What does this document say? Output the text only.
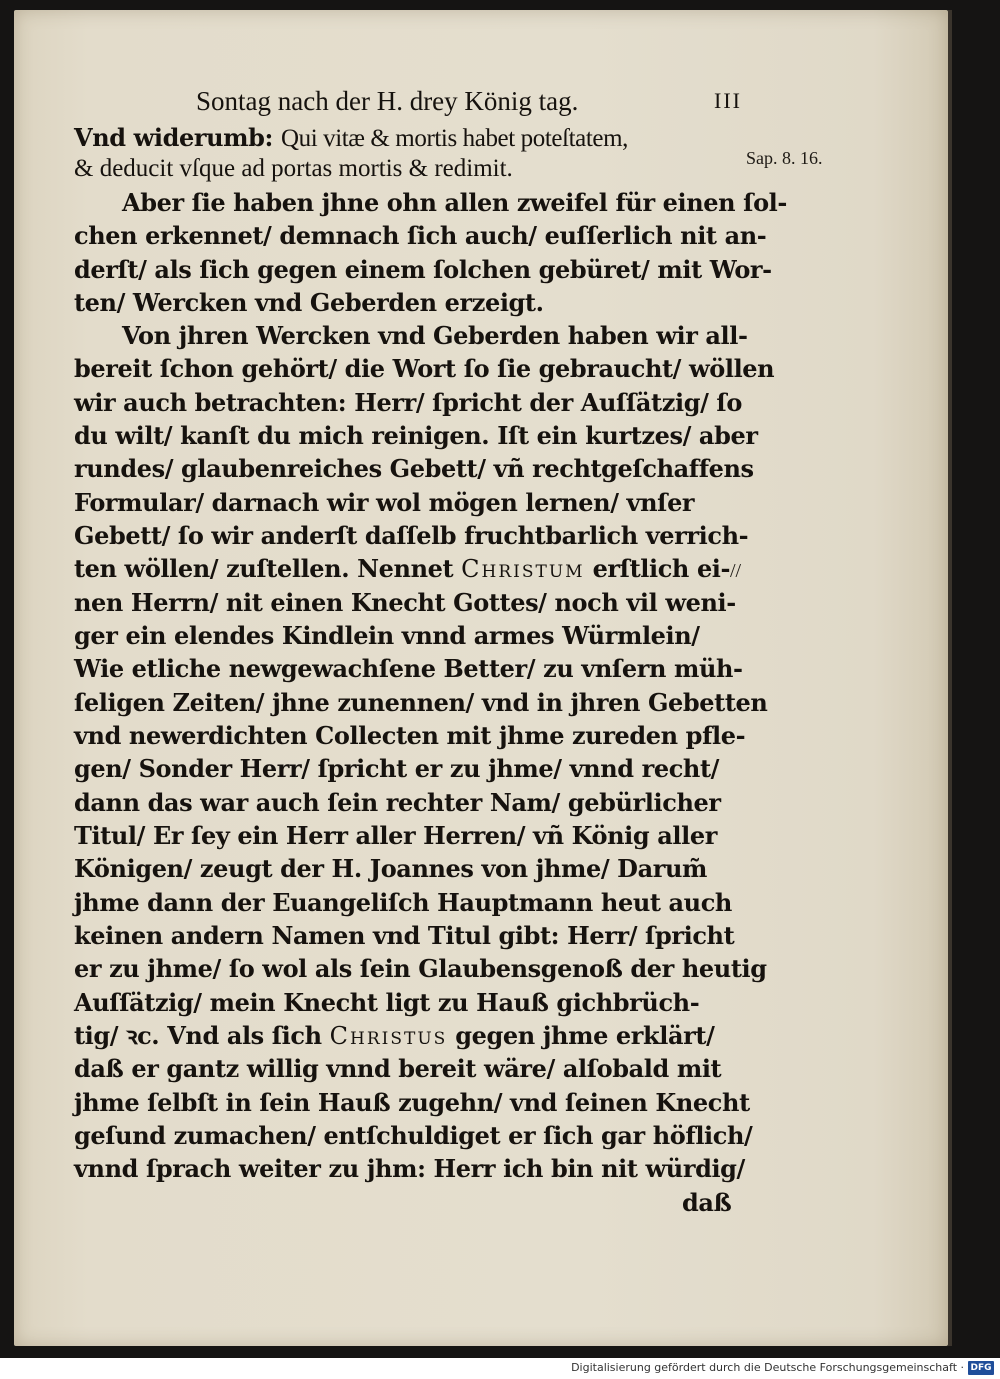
Sontag nach der H. drey König tag.	III
Sap. 8. 16.
Vnd widerumb: Qui vitæ & mortis habet poteſtatem,
& deducit vſque ad portas mortis & redimit.
Aber ſie haben jhne ohn allen zweifel für einen ſol-
chen erkennet/ demnach ſich auch/ euſſerlich nit an-
derſt/ als ſich gegen einem ſolchen gebüret/ mit Wor-
ten/ Wercken vnd Geberden erzeigt.
Von jhren Wercken vnd Geberden haben wir all-
bereit ſchon gehört/ die Wort ſo ſie gebraucht/ wöllen
wir auch betrachten: Herr/ ſpricht der Auſſätzig/ ſo
du wilt/ kanſt du mich reinigen. Iſt ein kurtzes/ aber
rundes/ glaubenreiches Gebett/ vñ rechtgeſchaffens
Formular/ darnach wir wol mögen lernen/ vnſer
Gebett/ ſo wir anderſt daſſelb fruchtbarlich verrich-
ten wöllen/ zuſtellen. Nennet Christum erſtlich ei- //
nen Herrn/ nit einen Knecht Gottes/ noch vil weni-
ger ein elendes Kindlein vnnd armes Würmlein/
Wie etliche newgewachſene Better/ zu vnſern müh-
ſeligen Zeiten/ jhne zunennen/ vnd in jhren Gebetten
vnd newerdichten Collecten mit jhme zureden pfle-
gen/ Sonder Herr/ ſpricht er zu jhme/ vnnd recht/
dann das war auch ſein rechter Nam/ gebürlicher
Titul/ Er ſey ein Herr aller Herren/ vñ König aller
Königen/ zeugt der H. Joannes von jhme/ Darum̃
jhme dann der Euangeliſch Hauptmann heut auch
keinen andern Namen vnd Titul gibt: Herr/ ſpricht
er zu jhme/ ſo wol als ſein Glaubensgenoß der heutig
Auſſätzig/ mein Knecht ligt zu Hauß gichbrüch-
tig/ ꝛc. Vnd als ſich Christus gegen jhme erklärt/
daß er gantz willig vnnd bereit wäre/ alſobald mit
jhme ſelbſt in ſein Hauß zugehn/ vnd ſeinen Knecht
geſund zumachen/ entſchuldiget er ſich gar höflich/
vnnd ſprach weiter zu jhm: Herr ich bin nit würdig/
daß
Digitalisierung gefördert durch die Deutsche Forschungsgemeinschaft · DFG
